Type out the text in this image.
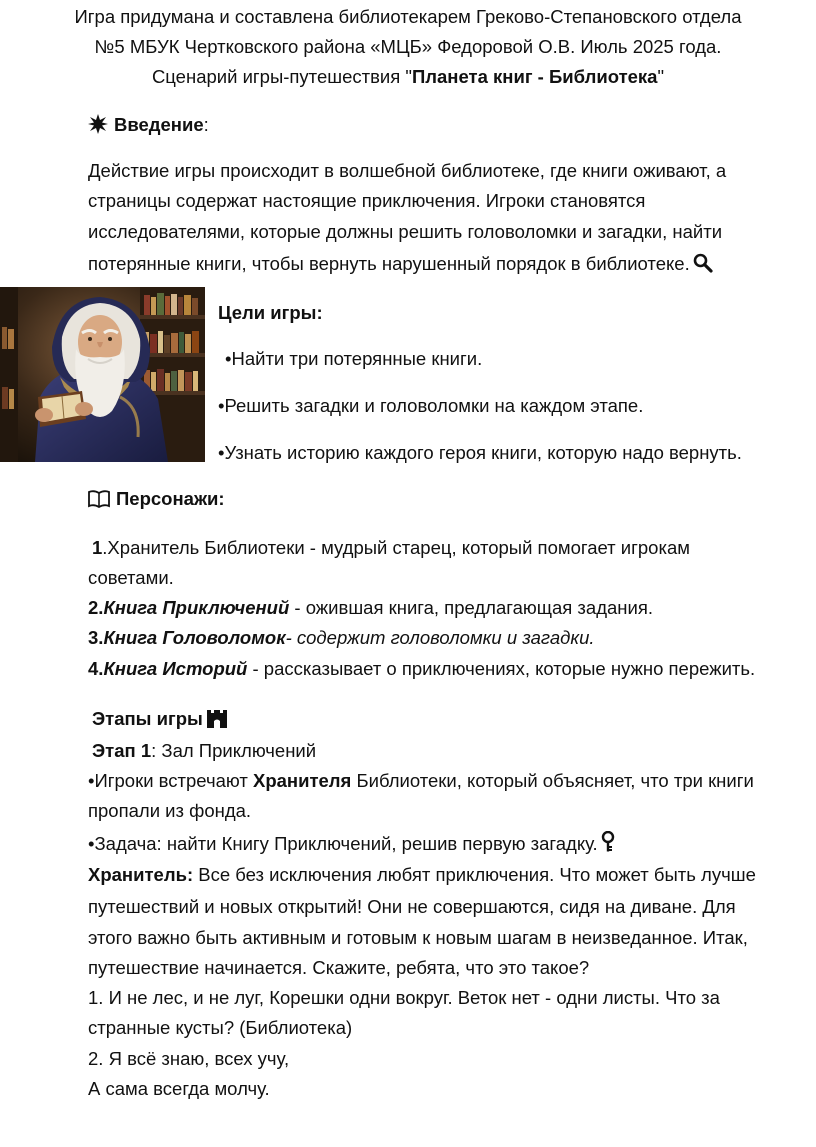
Игра придумана и составлена библиотекарем Греково-Степановского отдела
№5 МБУК Чертковского района «МЦБ» Федоровой О.В. Июль 2025 года.
Сценарий игры-путешествия "Планета книг - Библиотека"
Введение:
Действие игры происходит в волшебной библиотеке, где книги оживают, а
страницы содержат настоящие приключения. Игроки становятся
исследователями, которые должны решить головоломки и загадки, найти
потерянные книги, чтобы вернуть нарушенный порядок в библиотеке.
Цели игры:
•Найти три потерянные книги.
•Решить загадки и головоломки на каждом этапе.
•Узнать историю каждого героя книги, которую надо вернуть.
Персонажи:
1.Хранитель Библиотеки - мудрый старец, который помогает игрокам
советами.
2.Книга Приключений - ожившая книга, предлагающая задания.
3.Книга Головоломок- содержит головоломки и загадки.
4.Книга Историй - рассказывает о приключениях, которые нужно пережить.
Этапы игры
Этап 1: Зал Приключений
•Игроки встречают Хранителя Библиотеки, который объясняет, что три книги
пропали из фонда.
•Задача: найти Книгу Приключений, решив первую загадку.
Хранитель: Все без исключения любят приключения. Что может быть лучше
путешествий и новых открытий! Они не совершаются, сидя на диване. Для
этого важно быть активным и готовым к новым шагам в неизведанное. Итак,
путешествие начинается. Скажите, ребята, что это такое?
1. И не лес, и не луг, Корешки одни вокруг. Веток нет - одни листы. Что за
странные кусты? (Библиотека)
2. Я всё знаю, всех учу,
А сама всегда молчу.
